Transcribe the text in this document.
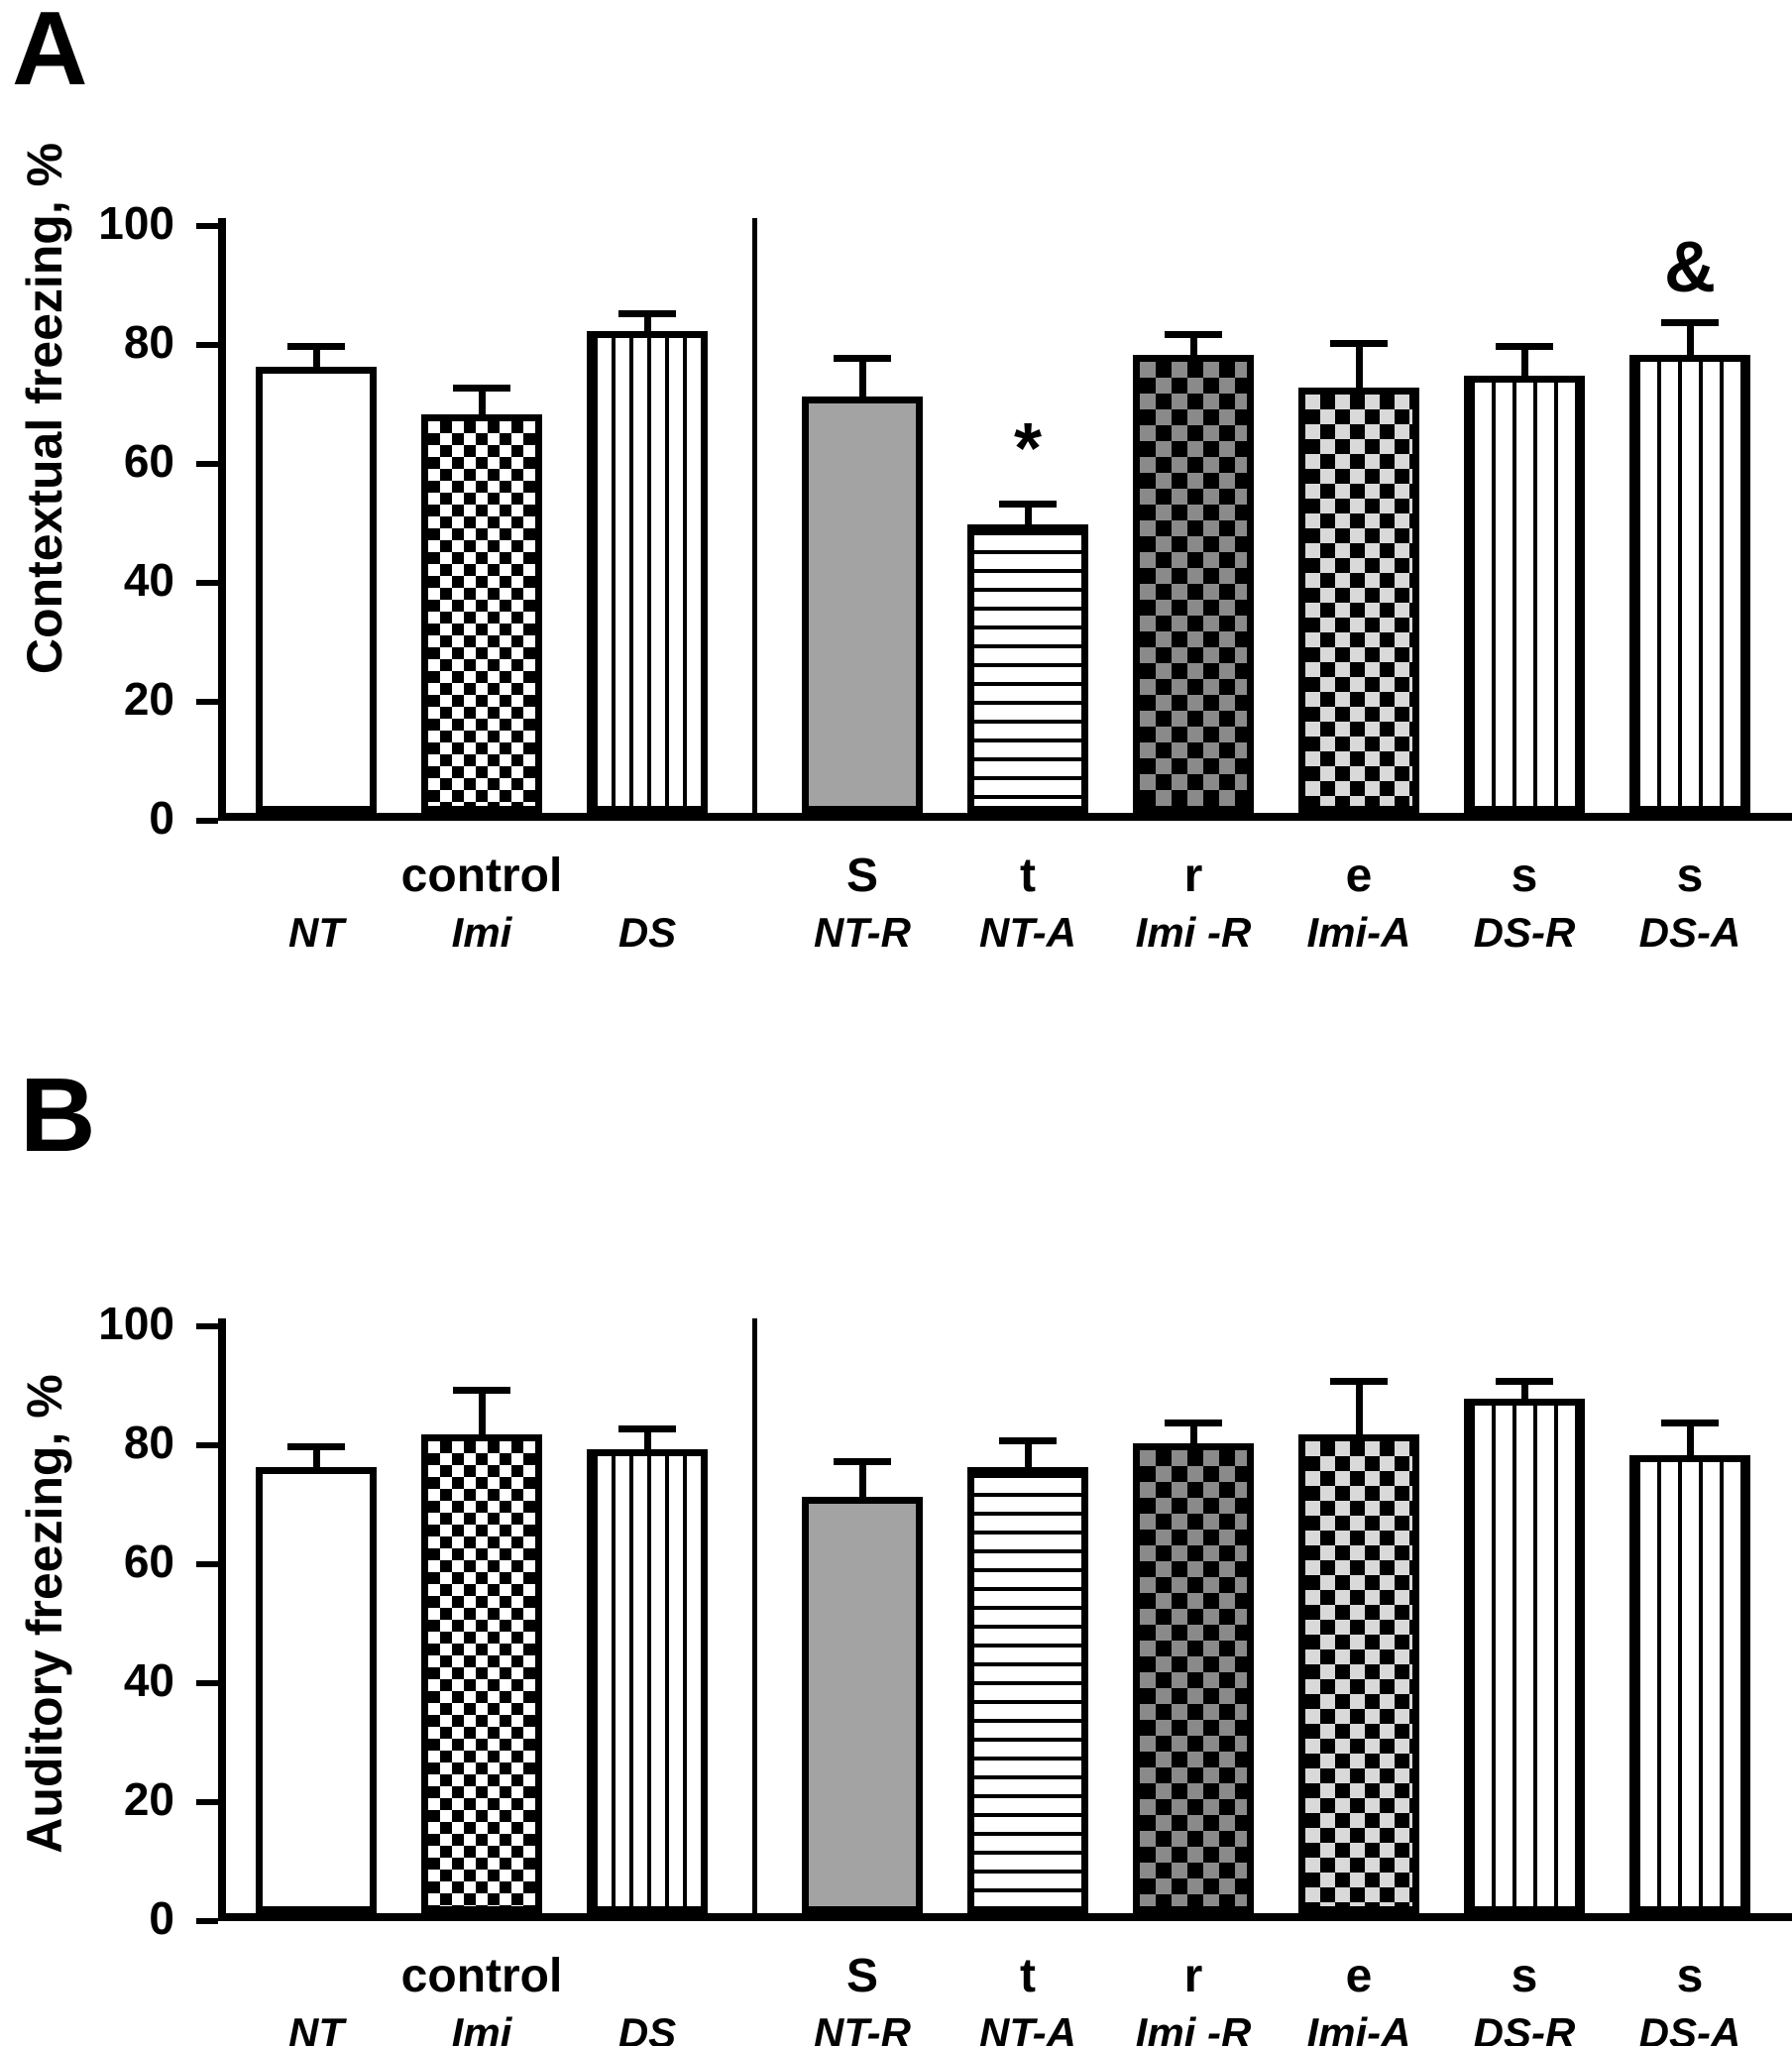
A
Contextual freezing, %
0
20
40
60
80
100
NT
control
Imi	DS
S
NT-R
*
t
NT-A
r
Imi -R
e
Imi-A
s
DS-R
&
s
DS-A
B
Auditory freezing, %
0
20
40
60
80
100
NT
control
Imi	DS
S
NT-R
t
NT-A
r
Imi -R
e
Imi-A
s
DS-R
s
DS-A
